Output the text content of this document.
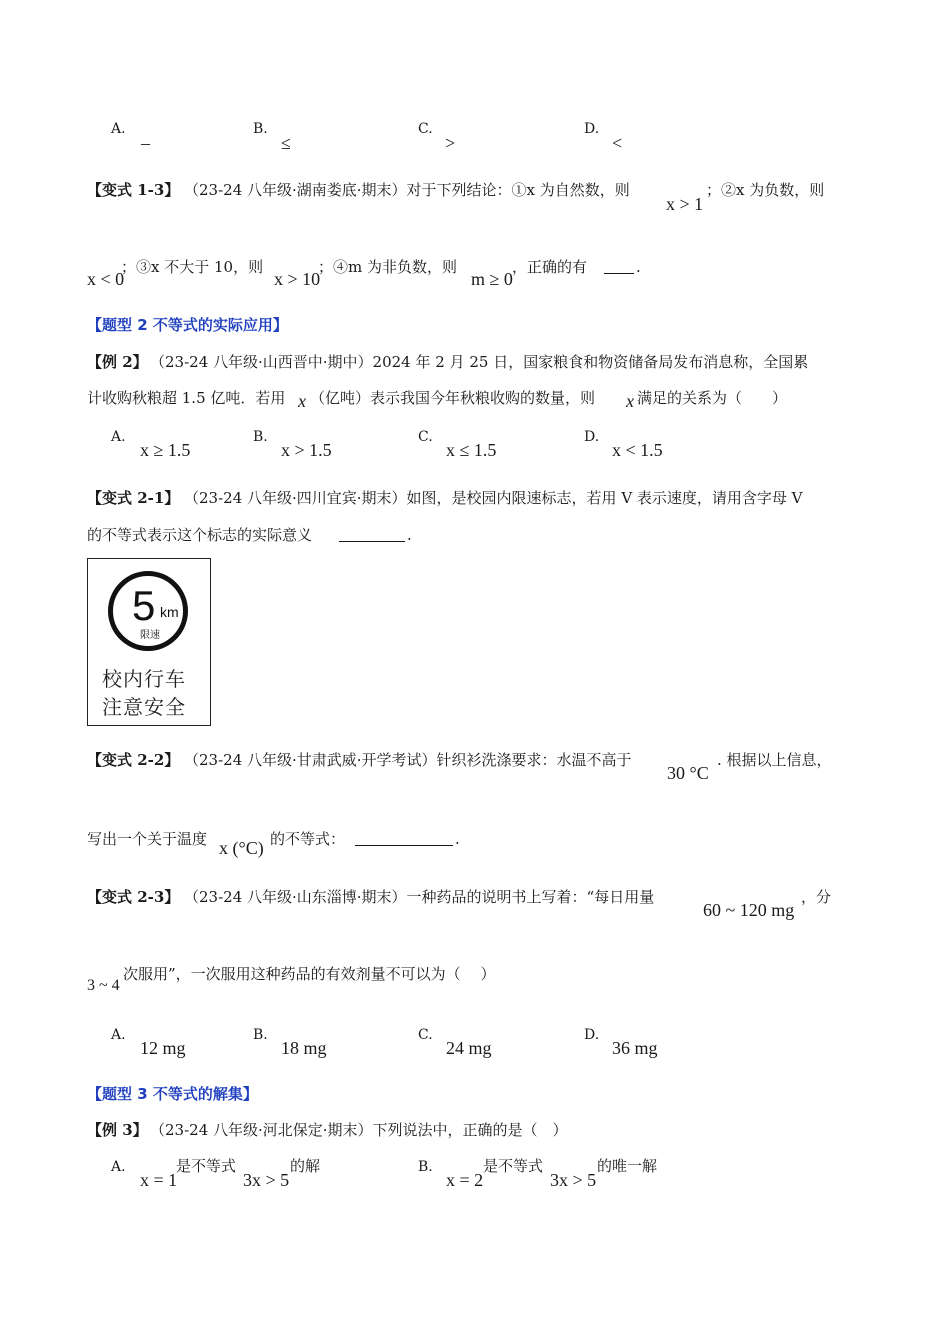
A.
–
B.
≤
C.
>
D.
<
【变式 1-3】 （23-24 八年级·湖南娄底·期末）对于下列结论：①x 为自然数，则
x > 1
；②x 为负数，则
x < 0
；③x 不大于 10，则
x > 10
；④m 为非负数，则
m ≥ 0
，正确的有	.
【题型 2 不等式的实际应用】
【例 2】 （23-24 八年级·山西晋中·期中）2024 年 2 月 25 日，国家粮食和物资储备局发布消息称，全国累
计收购秋粮超 1.5 亿吨．若用 x （亿吨）表示我国今年秋粮收购的数量，则 x 满足的关系为（　　）
A.
x ≥ 1.5
B.
x > 1.5
C.
x ≤ 1.5
D.
x < 1.5
【变式 2-1】 （23-24 八年级·四川宜宾·期末）如图，是校园内限速标志，若用 V 表示速度，请用含字母 V
的不等式表示这个标志的实际意义	.
5 km
限速
校内行车
注意安全
【变式 2-2】 （23-24 八年级·甘肃武威·开学考试）针织衫洗涤要求：水温不高于
30 °C
. 根据以上信息，
写出一个关于温度 x (°C) 的不等式：	.
【变式 2-3】 （23-24 八年级·山东淄博·期末）一种药品的说明书上写着：“每日用量
60 ~ 120 mg
，分
3 ~ 4
次服用”，一次服用这种药品的有效剂量不可以为（　 ）
A.
12 mg
B.
18 mg
C.
24 mg
D.
36 mg
【题型 3 不等式的解集】
【例 3】 （23-24 八年级·河北保定·期末）下列说法中，正确的是（　）
A.
x = 1
是不等式
3x > 5
的解	B.
x = 2
是不等式
3x > 5
的唯一解
